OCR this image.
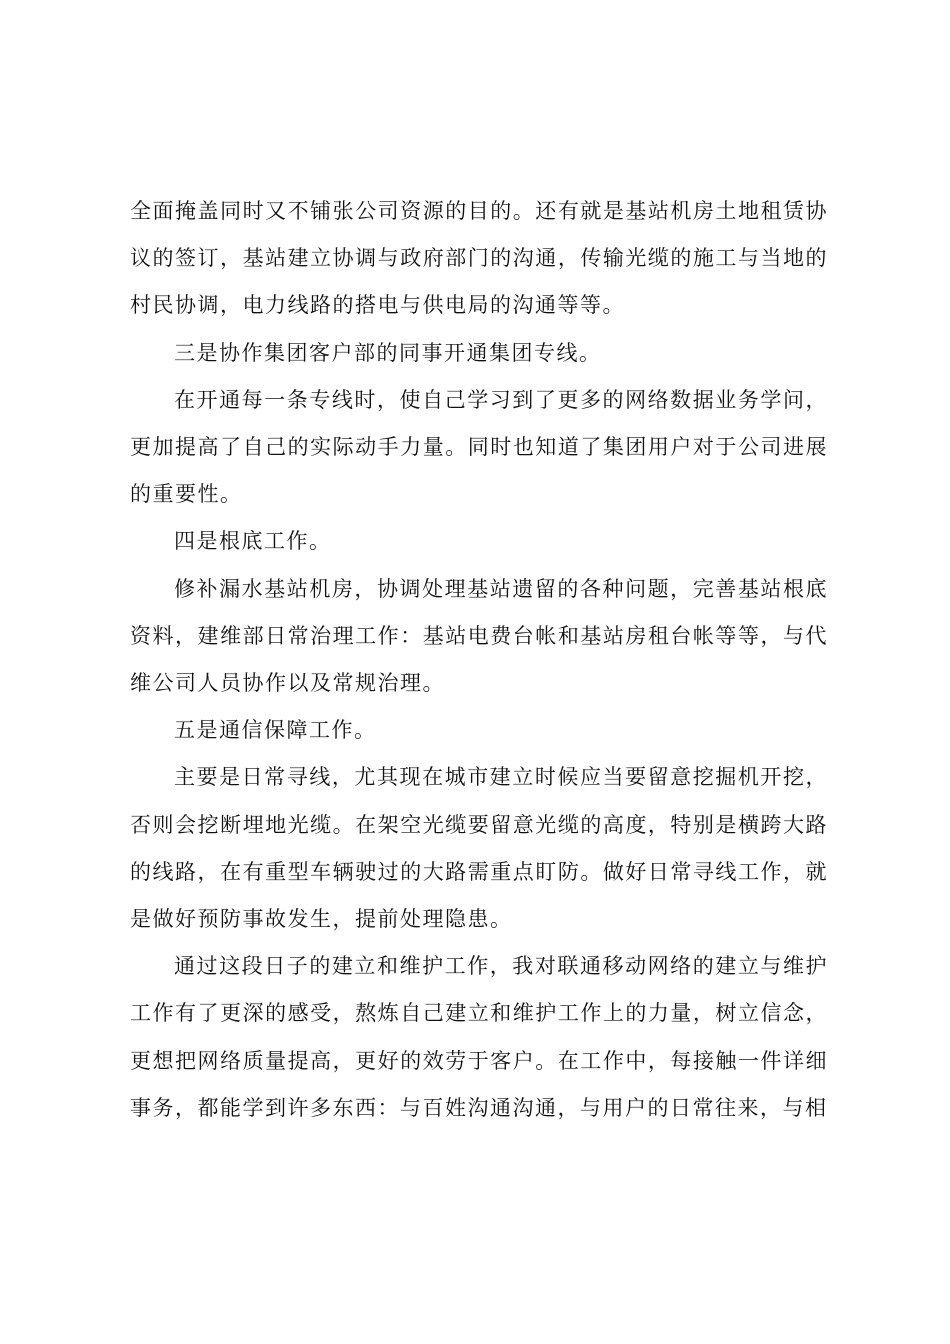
全面掩盖同时又不铺张公司资源的目的。还有就是基站机房土地租赁协议的签订，基站建立协调与政府部门的沟通，传输光缆的施工与当地的村民协调，电力线路的搭电与供电局的沟通等等。

三是协作集团客户部的同事开通集团专线。

在开通每一条专线时，使自己学习到了更多的网络数据业务学问，更加提高了自己的实际动手力量。同时也知道了集团用户对于公司进展的重要性。

四是根底工作。

修补漏水基站机房，协调处理基站遗留的各种问题，完善基站根底资料，建维部日常治理工作：基站电费台帐和基站房租台帐等等，与代维公司人员协作以及常规治理。

五是通信保障工作。

主要是日常寻线，尤其现在城市建立时候应当要留意挖掘机开挖，否则会挖断埋地光缆。在架空光缆要留意光缆的高度，特别是横跨大路的线路，在有重型车辆驶过的大路需重点盯防。做好日常寻线工作，就是做好预防事故发生，提前处理隐患。

通过这段日子的建立和维护工作，我对联通移动网络的建立与维护工作有了更深的感受，熬炼自己建立和维护工作上的力量，树立信念，更想把网络质量提高，更好的效劳于客户。在工作中，每接触一件详细事务，都能学到许多东西：与百姓沟通沟通，与用户的日常往来，与相
